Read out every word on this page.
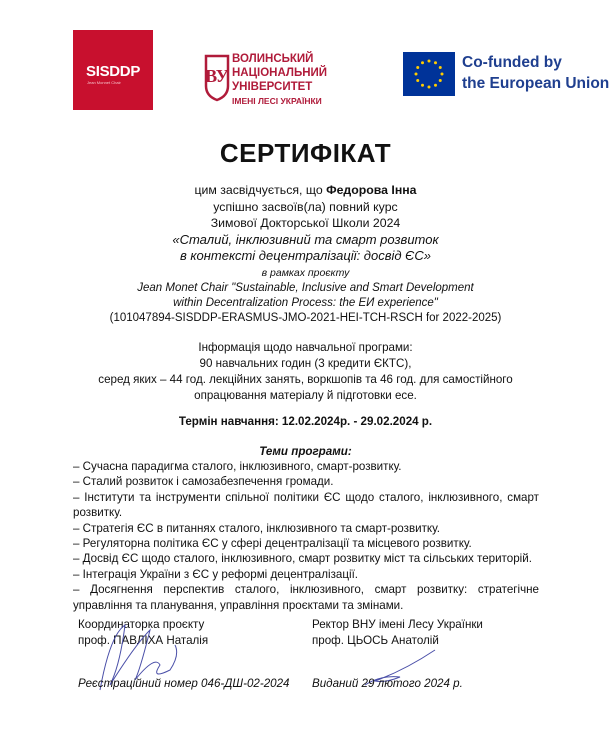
SISDDP
Jean Monnet Chair	ВУ
ВОЛИНСЬКИЙ
НАЦІОНАЛЬНИЙ
УНІВЕРСИТЕТ
ІМЕНІ ЛЕСІ УКРАЇНКИ
Co-funded by
the European Union
СЕРТИФІКАТ
цим засвідчується, що Федорова Інна
успішно засвоїв(ла) повний курс
Зимової Докторської Школи 2024
«Сталий, інклюзивний та смарт розвиток
в контексті децентралізації: досвід ЄС»
в рамках проєкту
Jean Monet Chair "Sustainable, Inclusive and Smart Development
within Decentralization Process: the ЕИ experience"
(101047894-SISDDP-ERASMUS-JMO-2021-HEI-TCH-RSCH for 2022-2025)
Інформація щодо навчальної програми:
90 навчальних годин (3 кредити ЄКТС),
серед яких – 44 год. лекційних занять, воркшопів та 46 год. для самостійного
опрацювання матеріалу й підготовки есе.
Термін навчання: 12.02.2024р. - 29.02.2024 р.
Теми програми:
– Сучасна парадигма сталого, інклюзивного, смарт-розвитку.
– Сталий розвиток і самозабезпечення громади.
– Інститути та інструменти спільної політики ЄС щодо сталого, інклюзивного, смарт розвитку.
– Стратегія ЄС в питаннях сталого, інклюзивного та смарт-розвитку.
– Регуляторна політика ЄС у сфері децентралізації та місцевого розвитку.
– Досвід ЄС щодо сталого, інклюзивного, смарт розвитку міст та сільських територій.
– Інтеграція України з ЄС у реформі децентралізації.
– Досягнення перспектив сталого, інклюзивного, смарт розвитку: стратегічне управління та планування, управління проєктами та змінами.
Координаторка проєкту
проф. ПАВЛІХА Наталія
Ректор ВНУ імені Лесу Українки
проф. ЦЬОСЬ Анатолій
Реєстраційний номер 046-ДШ-02-2024 Виданий 29 лютого 2024 р.
